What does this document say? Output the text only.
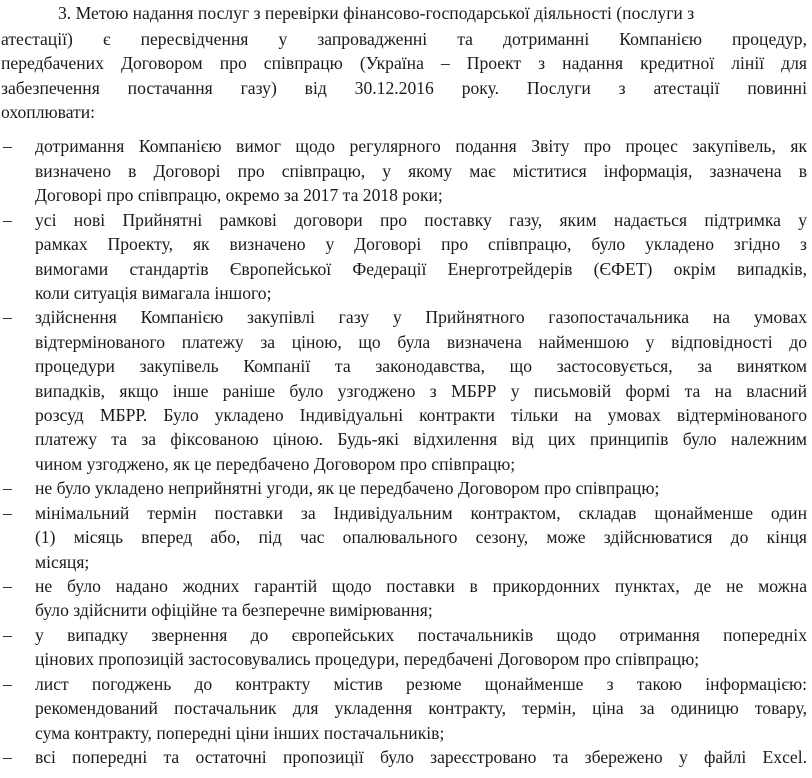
3. Метою надання послуг з перевірки фінансово-господарської діяльності (послуги з
атестації) є пересвідчення у запровадженні та дотриманні Компанією процедур,
передбачених Договором про співпрацю (Україна – Проект з надання кредитної лінії для
забезпечення постачання газу) від 30.12.2016 року. Послуги з атестації повинні
охоплювати:
–	дотримання Компанією вимог щодо регулярного подання Звіту про процес закупівель, як
визначено в Договорі про співпрацю, у якому має міститися інформація, зазначена в
Договорі про співпрацю, окремо за 2017 та 2018 роки;
–	усі нові Прийнятні рамкові договори про поставку газу, яким надається підтримка у
рамках Проекту, як визначено у Договорі про співпрацю, було укладено згідно з
вимогами стандартів Європейської Федерації Енерготрейдерів (ЄФЕТ) окрім випадків,
коли ситуація вимагала іншого;
–	здійснення Компанією закупівлі газу у Прийнятного газопостачальника на умовах
відтермінованого платежу за ціною, що була визначена найменшою у відповідності до
процедури закупівель Компанії та законодавства, що застосовується, за винятком
випадків, якщо інше раніше було узгоджено з МБРР у письмовій формі та на власний
розсуд МБРР. Було укладено Індивідуальні контракти тільки на умовах відтермінованого
платежу та за фіксованою ціною. Будь-які відхилення від цих принципів було належним
чином узгоджено, як це передбачено Договором про співпрацю;
–	не було укладено неприйнятні угоди, як це передбачено Договором про співпрацю;
–	мінімальний термін поставки за Індивідуальним контрактом, складав щонайменше один
(1) місяць вперед або, під час опалювального сезону, може здійснюватися до кінця
місяця;
–	не було надано жодних гарантій щодо поставки в прикордонних пунктах, де не можна
було здійснити офіційне та безперечне вимірювання;
–	у випадку звернення до європейських постачальників щодо отримання попередніх
цінових пропозицій застосовувались процедури, передбачені Договором про співпрацю;
–	лист погоджень до контракту містив резюме щонайменше з такою інформацією:
рекомендований постачальник для укладення контракту, термін, ціна за одиницю товару,
сума контракту, попередні ціни інших постачальників;
–	всі попередні та остаточні пропозиції було зареєстровано та збережено у файлі Excel.
